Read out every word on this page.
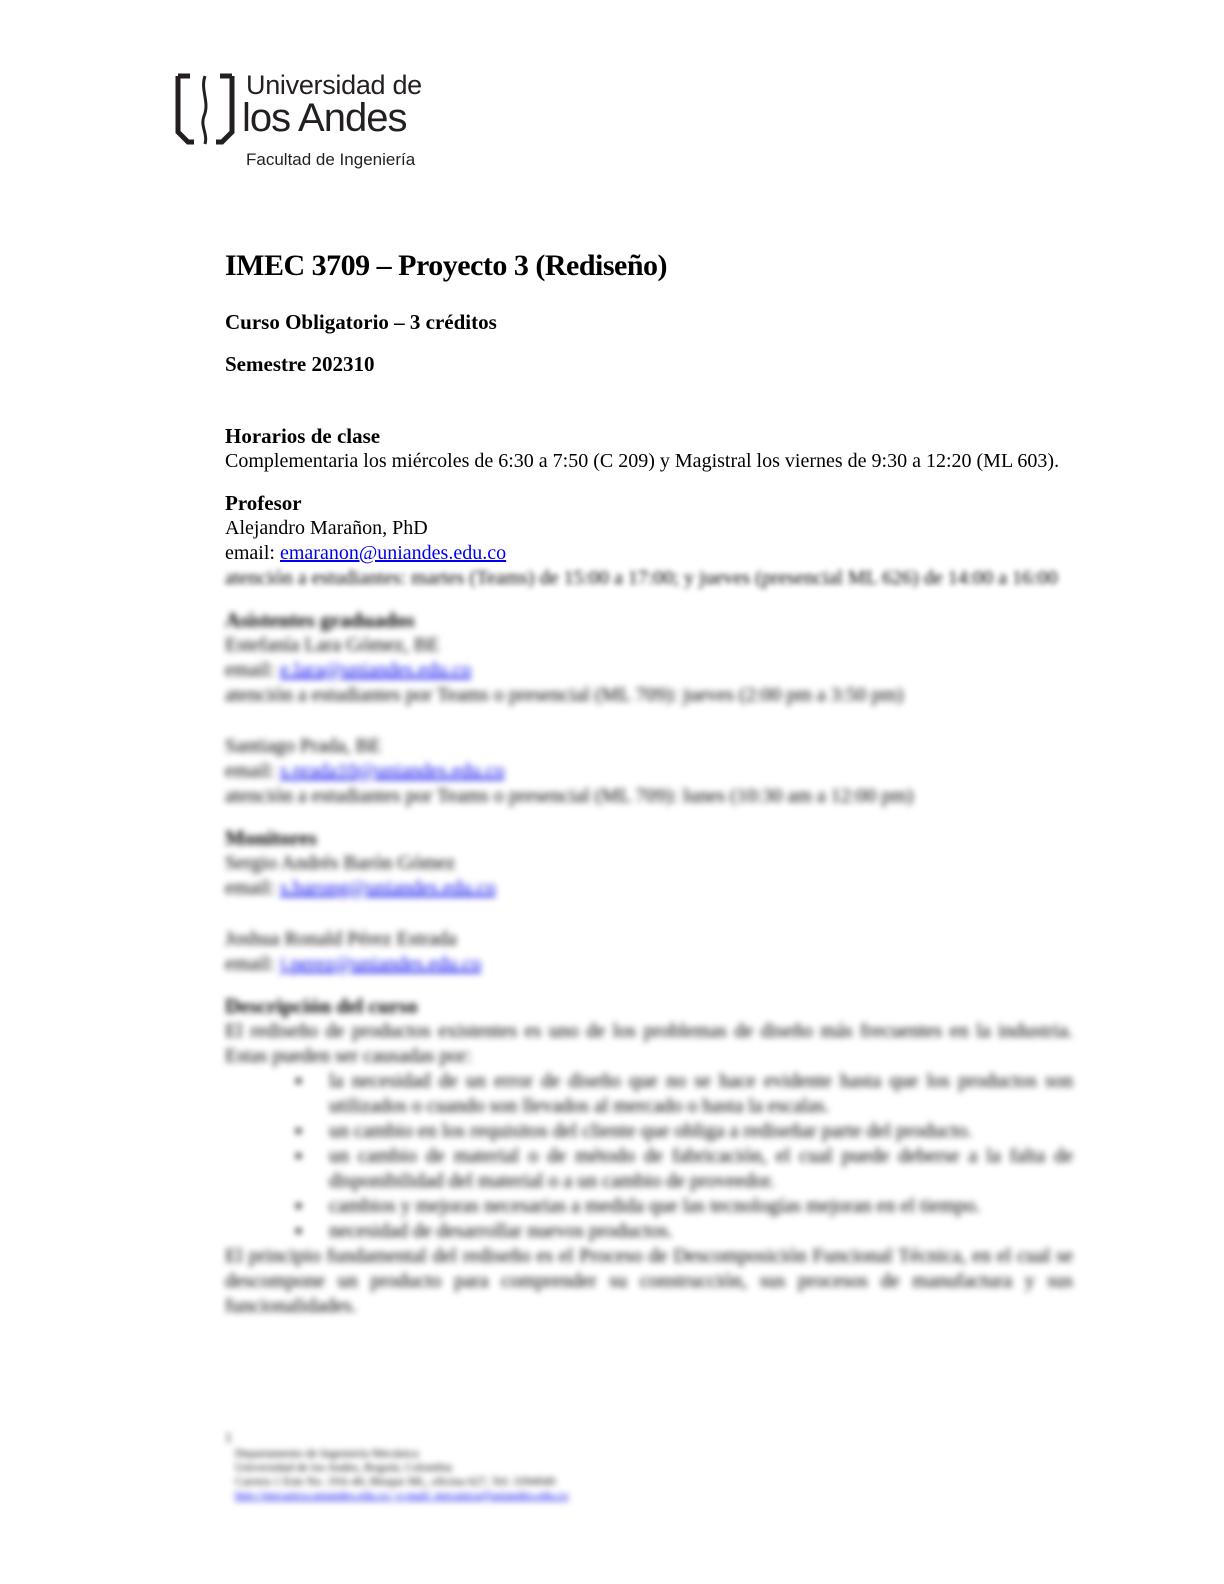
Universidad de
los Andes
Facultad de Ingeniería
IMEC 3709 – Proyecto 3 (Rediseño)
Curso Obligatorio – 3 créditos
Semestre 202310
Horarios de clase
Complementaria los miércoles de 6:30 a 7:50 (C 209) y Magistral los viernes de 9:30 a 12:20 (ML 603).
Profesor
Alejandro Marañon, PhD
email: emaranon@uniandes.edu.co
atención a estudiantes: martes (Teams) de 15:00 a 17:00; y jueves (presencial ML 626) de 14:00 a 16:00
Asistentes graduados
Estefanía Lara Gómez, BE
email: e.lara@uniandes.edu.co
atención a estudiantes por Teams o presencial (ML 709): jueves (2:00 pm a 3:50 pm)
Santiago Prada, BE
email: s.prada10@uniandes.edu.co
atención a estudiantes por Teams o presencial (ML 709): lunes (10:30 am a 12:00 pm)
Monitores
Sergio Andrés Barón Gómez
email: s.barong@uniandes.edu.co
Joshua Ronald Pérez Estrada
email: j.perez@uniandes.edu.co
Descripción del curso
El rediseño de productos existentes es uno de los problemas de diseño más frecuentes en la industria. Estas pueden ser causadas por:
▪ la necesidad de un error de diseño que no se hace evidente hasta que los productos son utilizados o cuando son llevados al mercado o hasta la escalas.
▪ un cambio en los requisitos del cliente que obliga a rediseñar parte del producto.
▪ un cambio de material o de método de fabricación, el cual puede deberse a la falta de disponibilidad del material o a un cambio de proveedor.
▪ cambios y mejoras necesarias a medida que las tecnologías mejoran en el tiempo.
▪ necesidad de desarrollar nuevos productos.
El principio fundamental del rediseño es el Proceso de Descomposición Funcional Técnica, en el cual se descompone un producto para comprender su construcción, sus procesos de manufactura y sus funcionalidades.
1
Departamento de Ingeniería Mecánica
Universidad de los Andes, Bogotá, Colombia
Carrera 1 Este No. 19A-40, Bloque ML, oficina 627, Tel: 3394949
http://mecanica.uniandes.edu.co | e-mail: mecanica@uniandes.edu.co
